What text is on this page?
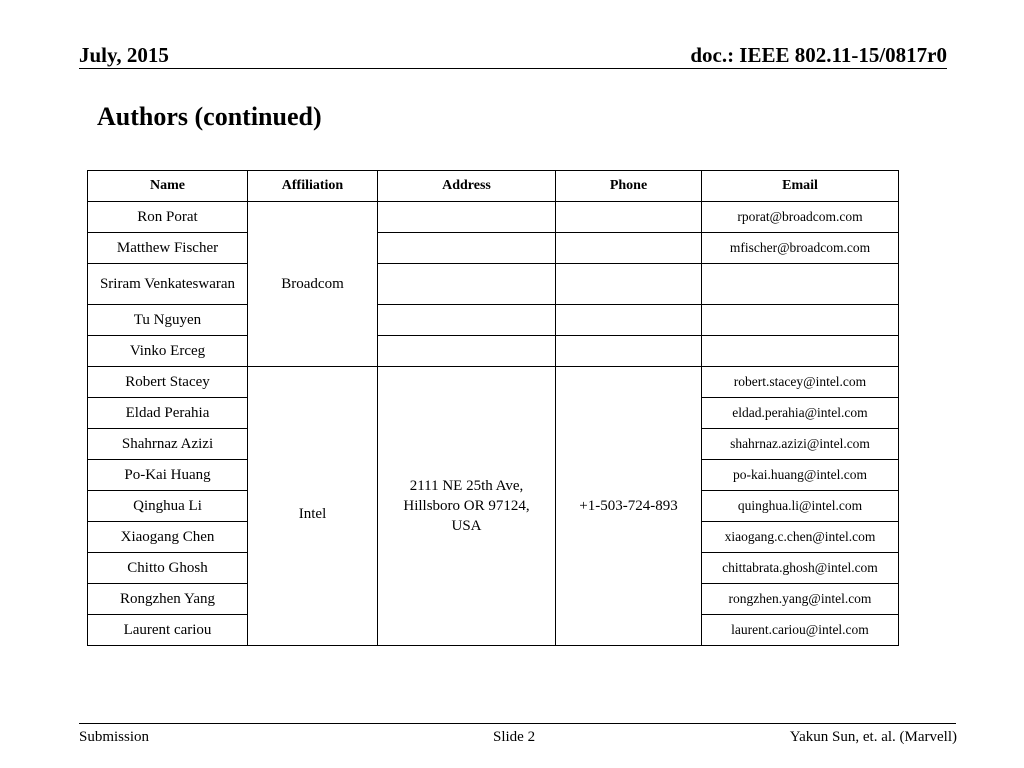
July, 2015	doc.: IEEE 802.11-15/0817r0
Authors (continued)
Name	Affiliation	Address	Phone	Email
Ron Porat	Broadcom			rporat@broadcom.com
Matthew Fischer				mfischer@broadcom.com
Sriram Venkateswaran				
Tu Nguyen				
Vinko Erceg				
Robert Stacey	Intel	2111 NE 25th Ave, Hillsboro OR 97124, USA	+1-503-724-893	robert.stacey@intel.com
Eldad Perahia				eldad.perahia@intel.com
Shahrnaz Azizi				shahrnaz.azizi@intel.com
Po-Kai Huang				po-kai.huang@intel.com
Qinghua Li				quinghua.li@intel.com
Xiaogang Chen				xiaogang.c.chen@intel.com
Chitto Ghosh				chittabrata.ghosh@intel.com
Rongzhen Yang				rongzhen.yang@intel.com
Laurent cariou				laurent.cariou@intel.com
Submission	Slide 2	Yakun Sun, et. al. (Marvell)
